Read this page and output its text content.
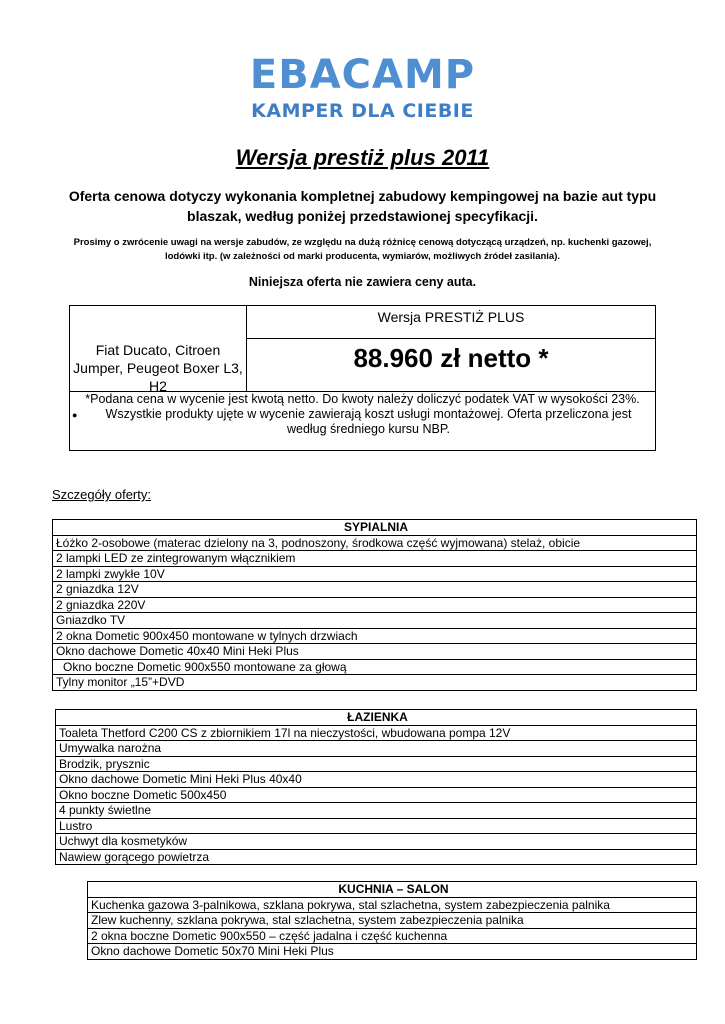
EBACAMP
KAMPER DLA CIEBIE
Wersja prestiż plus 2011
Oferta cenowa dotyczy wykonania kompletnej zabudowy kempingowej na bazie aut typu blaszak, według poniżej przedstawionej specyfikacji.
Prosimy o zwrócenie uwagi na wersje zabudów, ze względu na dużą różnicę cenową dotyczącą urządzeń, np. kuchenki gazowej, lodówki itp. (w zależności od marki producenta, wymiarów, możliwych źródeł zasilania).
Niniejsza oferta nie zawiera ceny auta.
Wersja PRESTIŻ PLUS
Fiat Ducato, Citroen Jumper, Peugeot Boxer L3, H2
88.960 zł netto *
*Podana cena w wycenie jest kwotą netto. Do kwoty należy doliczyć podatek VAT w wysokości 23%.
●	Wszystkie produkty ujęte w wycenie zawierają koszt usługi montażowej. Oferta przeliczona jest według średniego kursu NBP.
Szczegóły oferty:
SYPIALNIA
Łóżko 2-osobowe (materac dzielony na 3, podnoszony, środkowa część wyjmowana) stelaż, obicie
2 lampki LED ze zintegrowanym włącznikiem
2 lampki zwykłe 10V
2 gniazdka 12V
2 gniazdka 220V
Gniazdko TV
2 okna Dometic 900x450 montowane w tylnych drzwiach
Okno dachowe Dometic 40x40 Mini Heki Plus
Okno boczne Dometic 900x550 montowane za głową
Tylny monitor „15”+DVD
ŁAZIENKA
Toaleta Thetford C200 CS z zbiornikiem 17l na nieczystości, wbudowana pompa 12V
Umywalka narożna
Brodzik, prysznic
Okno dachowe Dometic Mini Heki Plus 40x40
Okno boczne Dometic 500x450
4 punkty świetlne
Lustro
Uchwyt dla kosmetyków
Nawiew gorącego powietrza
KUCHNIA – SALON
Kuchenka gazowa 3-palnikowa, szklana pokrywa, stal szlachetna, system zabezpieczenia palnika
Zlew kuchenny, szklana pokrywa, stal szlachetna, system zabezpieczenia palnika
2 okna boczne Dometic 900x550 – część jadalna i część kuchenna
Okno dachowe Dometic 50x70 Mini Heki Plus
